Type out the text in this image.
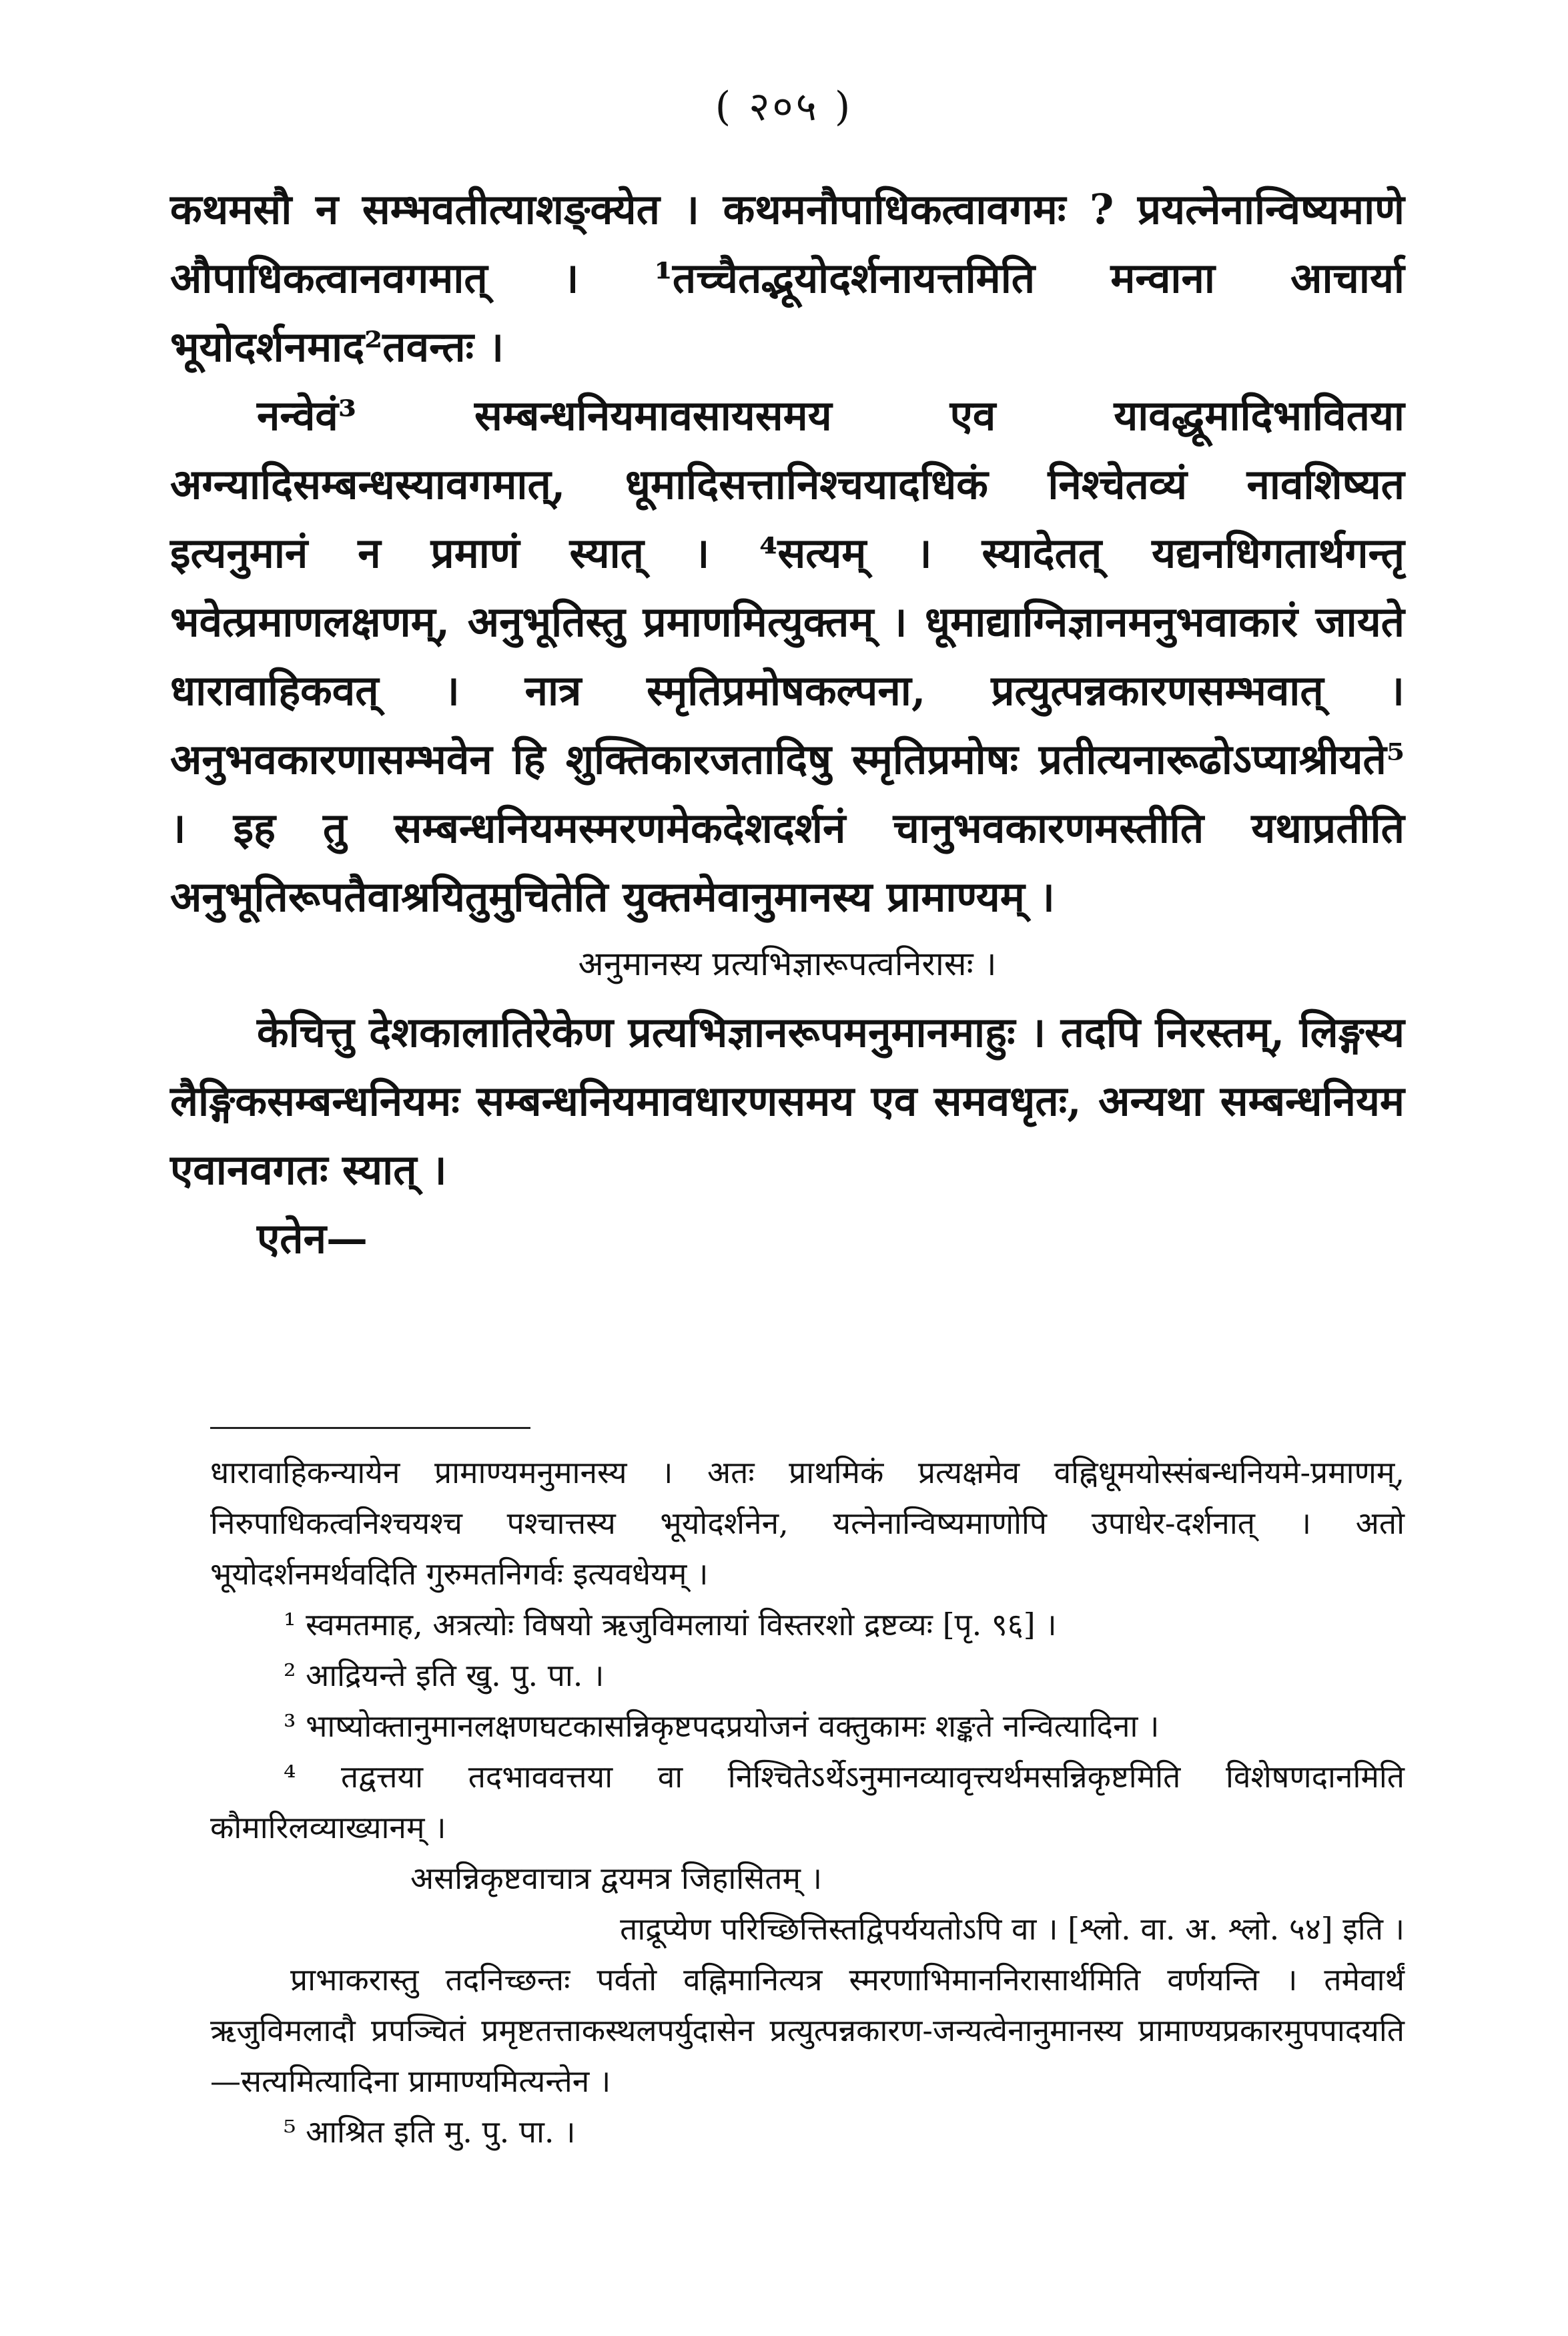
( २०५ )

कथमसौ न सम्भवतीत्याशङ्क्येत । कथमनौपाधिकत्वावगमः ? प्रयत्नेनान्विष्यमाणे औपाधिकत्वानवगमात् । ¹तच्चैतद्भूयोदर्शनायत्तमिति मन्वाना आचार्या भूयोदर्शनमाद²तवन्तः ।

नन्वेवं³ सम्बन्धनियमावसायसमय एव यावद्धूमादिभावितया अग्न्यादिसम्बन्धस्यावगमात्, धूमादिसत्तानिश्चयादधिकं निश्चेतव्यं नावशिष्यत इत्यनुमानं न प्रमाणं स्यात् । ⁴सत्यम् । स्यादेतत् यद्यनधिगतार्थगन्तृ भवेत्प्रमाणलक्षणम्, अनुभूतिस्तु प्रमाणमित्युक्तम् । धूमाद्याग्निज्ञानमनुभवाकारं जायते धारावाहिकवत् । नात्र स्मृतिप्रमोषकल्पना, प्रत्युत्पन्नकारणसम्भवात् । अनुभवकारणासम्भवेन हि शुक्तिकारजतादिषु स्मृतिप्रमोषः प्रतीत्यनारूढोऽप्याश्रीयते⁵ । इह तु सम्बन्धनियमस्मरणमेकदेशदर्शनं चानुभवकारणमस्तीति यथाप्रतीति अनुभूतिरूपतैवाश्रयितुमुचितेति युक्तमेवानुमानस्य प्रामाण्यम् ।

अनुमानस्य प्रत्यभिज्ञारूपत्वनिरासः ।

केचित्तु देशकालातिरेकेण प्रत्यभिज्ञानरूपमनुमानमाहुः । तदपि निरस्तम्, लिङ्गस्य लैङ्गिकसम्बन्धनियमः सम्बन्धनियमावधारणसमय एव समवधृतः, अन्यथा सम्बन्धनियम एवानवगतः स्यात् ।

एतेन—

धारावाहिकन्यायेन प्रामाण्यमनुमानस्य । अतः प्राथमिकं प्रत्यक्षमेव वह्निधूमयोस्संबन्धनियमे-प्रमाणम्, निरुपाधिकत्वनिश्चयश्च पश्चात्तस्य भूयोदर्शनेन, यत्नेनान्विष्यमाणोपि उपाधेर-दर्शनात् । अतो भूयोदर्शनमर्थवदिति गुरुमतनिगर्वः इत्यवधेयम् ।

¹ स्वमतमाह, अत्रत्योः विषयो ऋजुविमलायां विस्तरशो द्रष्टव्यः [पृ. ९६] ।

² आद्रियन्ते इति खु. पु. पा. ।

³ भाष्योक्तानुमानलक्षणघटकासन्निकृष्टपदप्रयोजनं वक्तुकामः शङ्कते नन्वित्यादिना ।

⁴ तद्वत्तया तदभाववत्तया वा निश्चितेऽर्थेऽनुमानव्यावृत्त्यर्थमसन्निकृष्टमिति विशेषणदानमिति कौमारिलव्याख्यानम् ।

असन्निकृष्टवाचात्र द्वयमत्र जिहासितम् ।

ताद्रूप्येण परिच्छित्तिस्तद्विपर्ययतोऽपि वा । [श्लो. वा. अ. श्लो. ५४] इति ।

प्राभाकरास्तु तदनिच्छन्तः पर्वतो वह्निमानित्यत्र स्मरणाभिमाननिरासार्थमिति वर्णयन्ति । तमेवार्थं ऋजुविमलादौ प्रपञ्चितं प्रमृष्टतत्ताकस्थलपर्युदासेन प्रत्युत्पन्नकारण-जन्यत्वेनानुमानस्य प्रामाण्यप्रकारमुपपादयति—सत्यमित्यादिना प्रामाण्यमित्यन्तेन ।

⁵ आश्रित इति मु. पु. पा. ।
